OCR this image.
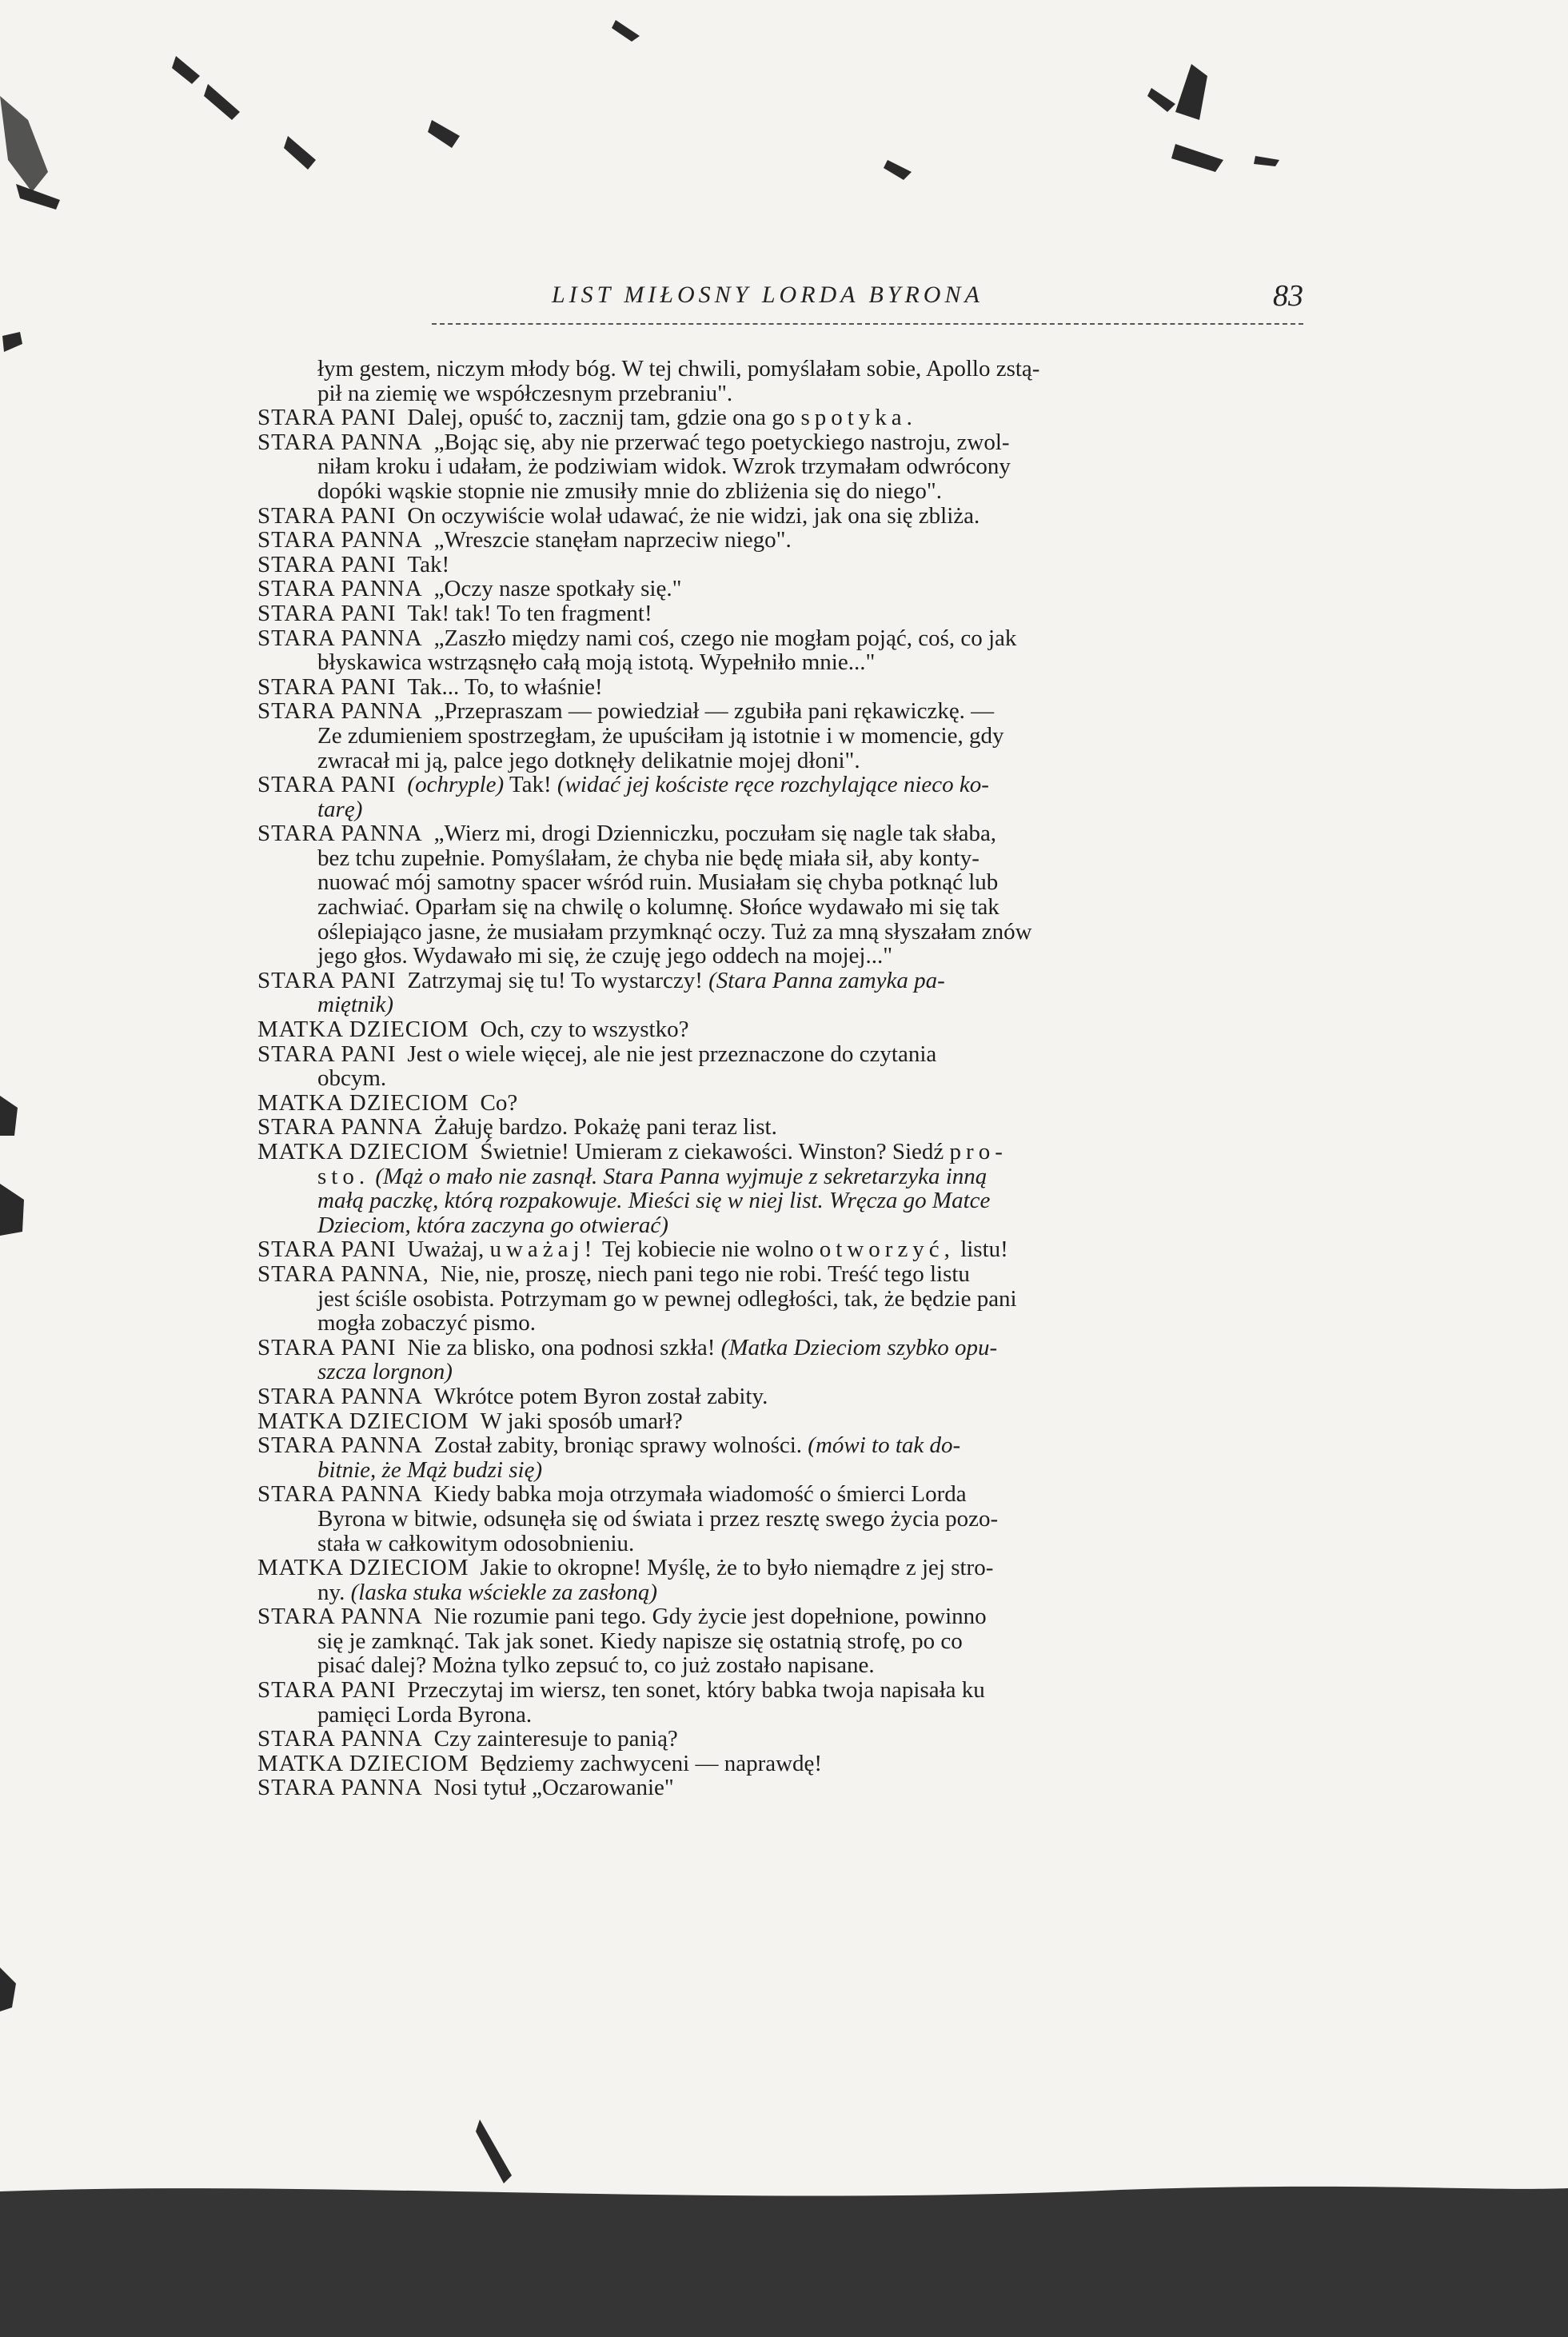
LIST MIŁOSNY LORDA BYRONA	83

łym gestem, niczym młody bóg. W tej chwili, pomyślałam sobie, Apollo zstą-

pił na ziemię we współczesnym przebraniu".

STARA PANI Dalej, opuść to, zacznij tam, gdzie ona go spotyka.

STARA PANNA „Bojąc się, aby nie przerwać tego poetyckiego nastroju, zwol-

niłam kroku i udałam, że podziwiam widok. Wzrok trzymałam odwrócony

dopóki wąskie stopnie nie zmusiły mnie do zbliżenia się do niego".

STARA PANI On oczywiście wolał udawać, że nie widzi, jak ona się zbliża.

STARA PANNA „Wreszcie stanęłam naprzeciw niego".

STARA PANI Tak!

STARA PANNA „Oczy nasze spotkały się."

STARA PANI Tak! tak! To ten fragment!

STARA PANNA „Zaszło między nami coś, czego nie mogłam pojąć, coś, co jak

błyskawica wstrząsnęło całą moją istotą. Wypełniło mnie..."

STARA PANI Tak... To, to właśnie!

STARA PANNA „Przepraszam — powiedział — zgubiła pani rękawiczkę. —

Ze zdumieniem spostrzegłam, że upuściłam ją istotnie i w momencie, gdy

zwracał mi ją, palce jego dotknęły delikatnie mojej dłoni".

STARA PANI (ochryple) Tak! (widać jej kościste ręce rozchylające nieco ko-

tarę)

STARA PANNA „Wierz mi, drogi Dzienniczku, poczułam się nagle tak słaba,

bez tchu zupełnie. Pomyślałam, że chyba nie będę miała sił, aby konty-

nuować mój samotny spacer wśród ruin. Musiałam się chyba potknąć lub

zachwiać. Oparłam się na chwilę o kolumnę. Słońce wydawało mi się tak

oślepiająco jasne, że musiałam przymknąć oczy. Tuż za mną słyszałam znów

jego głos. Wydawało mi się, że czuję jego oddech na mojej..."

STARA PANI Zatrzymaj się tu! To wystarczy! (Stara Panna zamyka pa-

miętnik)

MATKA DZIECIOM Och, czy to wszystko?

STARA PANI Jest o wiele więcej, ale nie jest przeznaczone do czytania

obcym.

MATKA DZIECIOM Co?

STARA PANNA Żałuję bardzo. Pokażę pani teraz list.

MATKA DZIECIOM Świetnie! Umieram z ciekawości. Winston? Siedź pro-

sto. (Mąż o mało nie zasnął. Stara Panna wyjmuje z sekretarzyka inną

małą paczkę, którą rozpakowuje. Mieści się w niej list. Wręcza go Matce

Dzieciom, która zaczyna go otwierać)

STARA PANI Uważaj, uważaj! Tej kobiecie nie wolno otworzyć, listu!

STARA PANNA, Nie, nie, proszę, niech pani tego nie robi. Treść tego listu

jest ściśle osobista. Potrzymam go w pewnej odległości, tak, że będzie pani

mogła zobaczyć pismo.

STARA PANI Nie za blisko, ona podnosi szkła! (Matka Dzieciom szybko opu-

szcza lorgnon)

STARA PANNA Wkrótce potem Byron został zabity.

MATKA DZIECIOM W jaki sposób umarł?

STARA PANNA Został zabity, broniąc sprawy wolności. (mówi to tak do-

bitnie, że Mąż budzi się)

STARA PANNA Kiedy babka moja otrzymała wiadomość o śmierci Lorda

Byrona w bitwie, odsunęła się od świata i przez resztę swego życia pozo-

stała w całkowitym odosobnieniu.

MATKA DZIECIOM Jakie to okropne! Myślę, że to było niemądre z jej stro-

ny. (laska stuka wściekle za zasłoną)

STARA PANNA Nie rozumie pani tego. Gdy życie jest dopełnione, powinno

się je zamknąć. Tak jak sonet. Kiedy napisze się ostatnią strofę, po co

pisać dalej? Można tylko zepsuć to, co już zostało napisane.

STARA PANI Przeczytaj im wiersz, ten sonet, który babka twoja napisała ku

pamięci Lorda Byrona.

STARA PANNA Czy zainteresuje to panią?

MATKA DZIECIOM Będziemy zachwyceni — naprawdę!

STARA PANNA Nosi tytuł „Oczarowanie"
